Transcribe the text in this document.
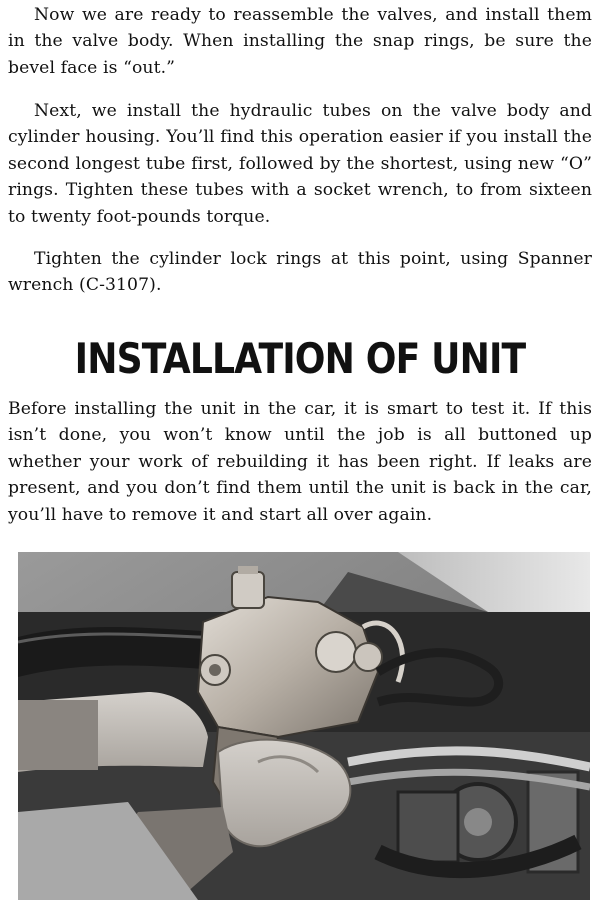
Now we are ready to reassemble the valves, and install them in the valve body. When installing the snap rings, be sure the bevel face is “out.”

Next, we install the hydraulic tubes on the valve body and cylinder housing. You’ll find this operation easier if you install the second longest tube first, followed by the shortest, using new “O” rings. Tighten these tubes with a socket wrench, to from sixteen to twenty foot-pounds torque.

Tighten the cylinder lock rings at this point, using Spanner wrench (C-3107).

INSTALLATION OF UNIT

Before installing the unit in the car, it is smart to test it. If this isn’t done, you won’t know until the job is all buttoned up whether your work of rebuilding it has been right. If leaks are present, and you don’t find them until the unit is back in the car, you’ll have to remove it and start all over again.
